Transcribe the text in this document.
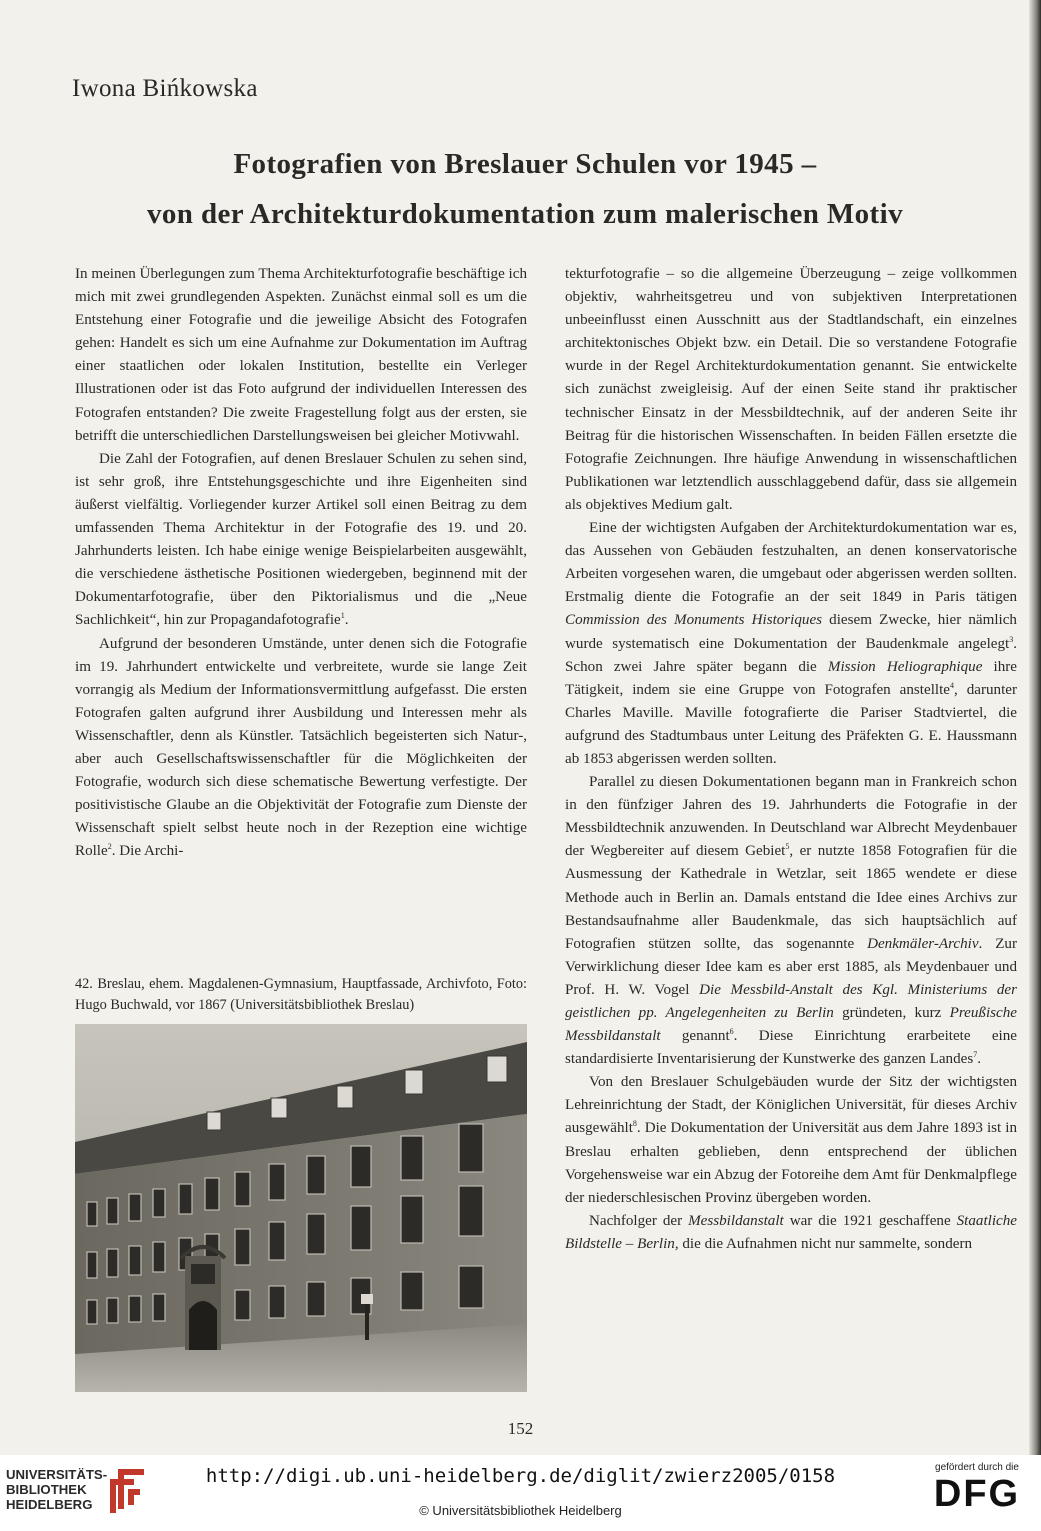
Iwona Bińkowska
Fotografien von Breslauer Schulen vor 1945 –
von der Architekturdokumentation zum malerischen Motiv

In meinen Überlegungen zum Thema Architekturfotografie beschäftige ich mich mit zwei grundlegenden Aspekten. Zunächst einmal soll es um die Entstehung einer Fotografie und die jeweilige Absicht des Fotografen gehen: Handelt es sich um eine Aufnahme zur Dokumentation im Auftrag einer staatlichen oder lokalen Institution, bestellte ein Verleger Illustrationen oder ist das Foto aufgrund der individuellen Interessen des Fotografen entstanden? Die zweite Fragestellung folgt aus der ersten, sie betrifft die unterschiedlichen Darstellungsweisen bei gleicher Motivwahl.

Die Zahl der Fotografien, auf denen Breslauer Schulen zu sehen sind, ist sehr groß, ihre Entstehungsgeschichte und ihre Eigenheiten sind äußerst vielfältig. Vorliegender kurzer Artikel soll einen Beitrag zu dem umfassenden Thema Architektur in der Fotografie des 19. und 20. Jahrhunderts leisten. Ich habe einige wenige Beispielarbeiten ausgewählt, die verschiedene ästhetische Positionen wiedergeben, beginnend mit der Dokumentarfotografie, über den Piktorialismus und die „Neue Sachlichkeit“, hin zur Propagandafotografie$^1$.

Aufgrund der besonderen Umstände, unter denen sich die Fotografie im 19. Jahrhundert entwickelte und verbreitete, wurde sie lange Zeit vorrangig als Medium der Informationsvermittlung aufgefasst. Die ersten Fotografen galten aufgrund ihrer Ausbildung und Interessen mehr als Wissenschaftler, denn als Künstler. Tatsächlich begeisterten sich Natur-, aber auch Gesellschaftswissenschaftler für die Möglichkeiten der Fotografie, wodurch sich diese schematische Bewertung verfestigte. Der positivistische Glaube an die Objektivität der Fotografie zum Dienste der Wissenschaft spielt selbst heute noch in der Rezeption eine wichtige Rolle$^2$. Die Archi-

42. Breslau, ehem. Magdalenen-Gymnasium, Hauptfassade, Archivfoto, Foto: Hugo Buchwald, vor 1867 (Universitätsbibliothek Breslau)

tekturfotografie – so die allgemeine Überzeugung – zeige vollkommen objektiv, wahrheitsgetreu und von subjektiven Interpretationen unbeeinflusst einen Ausschnitt aus der Stadtlandschaft, ein einzelnes architektonisches Objekt bzw. ein Detail. Die so verstandene Fotografie wurde in der Regel Architekturdokumentation genannt. Sie entwickelte sich zunächst zweigleisig. Auf der einen Seite stand ihr praktischer technischer Einsatz in der Messbildtechnik, auf der anderen Seite ihr Beitrag für die historischen Wissenschaften. In beiden Fällen ersetzte die Fotografie Zeichnungen. Ihre häufige Anwendung in wissenschaftlichen Publikationen war letztendlich ausschlaggebend dafür, dass sie allgemein als objektives Medium galt.

Eine der wichtigsten Aufgaben der Architekturdokumentation war es, das Aussehen von Gebäuden festzuhalten, an denen konservatorische Arbeiten vorgesehen waren, die umgebaut oder abgerissen werden sollten. Erstmalig diente die Fotografie an der seit 1849 in Paris tätigen Commission des Monuments Historiques diesem Zwecke, hier nämlich wurde systematisch eine Dokumentation der Baudenkmale angelegt$^3$. Schon zwei Jahre später begann die Mission Heliographique ihre Tätigkeit, indem sie eine Gruppe von Fotografen anstellte$^4$, darunter Charles Maville. Maville fotografierte die Pariser Stadtviertel, die aufgrund des Stadtumbaus unter Leitung des Präfekten G. E. Haussmann ab 1853 abgerissen werden sollten.

Parallel zu diesen Dokumentationen begann man in Frankreich schon in den fünfziger Jahren des 19. Jahrhunderts die Fotografie in der Messbildtechnik anzuwenden. In Deutschland war Albrecht Meydenbauer der Wegbereiter auf diesem Gebiet$^5$, er nutzte 1858 Fotografien für die Ausmessung der Kathedrale in Wetzlar, seit 1865 wendete er diese Methode auch in Berlin an. Damals entstand die Idee eines Archivs zur Bestandsaufnahme aller Baudenkmale, das sich hauptsächlich auf Fotografien stützen sollte, das sogenannte Denkmäler-Archiv. Zur Verwirklichung dieser Idee kam es aber erst 1885, als Meydenbauer und Prof. H. W. Vogel Die Messbild-Anstalt des Kgl. Ministeriums der geistlichen pp. Angelegenheiten zu Berlin gründeten, kurz Preußische Messbildanstalt genannt$^6$. Diese Einrichtung erarbeitete eine standardisierte Inventarisierung der Kunstwerke des ganzen Landes$^7$.

Von den Breslauer Schulgebäuden wurde der Sitz der wichtigsten Lehreinrichtung der Stadt, der Königlichen Universität, für dieses Archiv ausgewählt$^8$. Die Dokumentation der Universität aus dem Jahre 1893 ist in Breslau erhalten geblieben, denn entsprechend der üblichen Vorgehensweise war ein Abzug der Fotoreihe dem Amt für Denkmalpflege der niederschlesischen Provinz übergeben worden.

Nachfolger der Messbildanstalt war die 1921 geschaffene Staatliche Bildstelle – Berlin, die die Aufnahmen nicht nur sammelte, sondern

152
UNIVERSITÄTS-
BIBLIOTHEK
HEIDELBERG
http://digi.ub.uni-heidelberg.de/diglit/zwierz2005/0158
© Universitätsbibliothek Heidelberg
gefördert durch die
DFG
